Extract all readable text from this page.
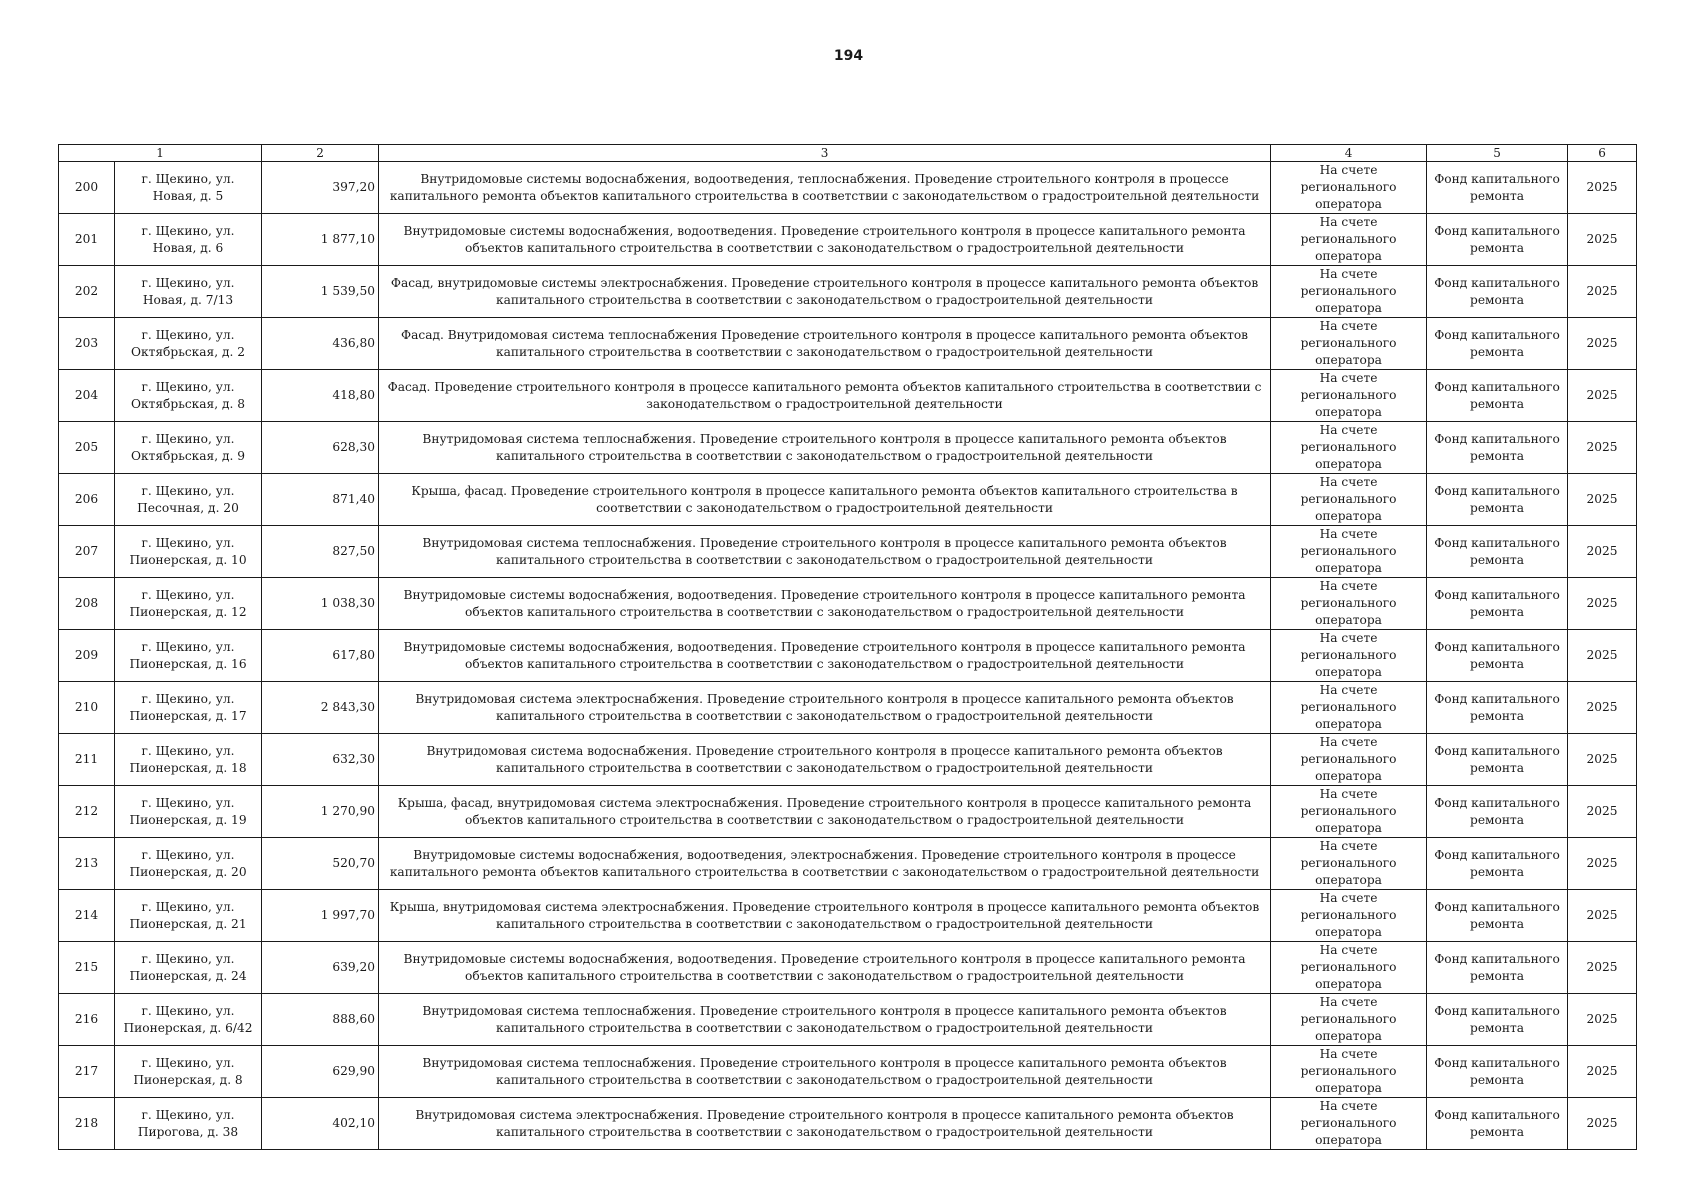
194
1		2	3	4	5	6
200	г. Щекино, ул. Новая, д. 5	397,20	Внутридомовые системы водоснабжения, водоотведения, теплоснабжения. Проведение строительного контроля в процессе капитального ремонта объектов капитального строительства в соответствии с законодательством о градостроительной деятельности	На счете регионального оператора	Фонд капитального ремонта	2025
201	г. Щекино, ул. Новая, д. 6	1 877,10	Внутридомовые системы водоснабжения, водоотведения. Проведение строительного контроля в процессе капитального ремонта объектов капитального строительства в соответствии с законодательством о градостроительной деятельности	На счете регионального оператора	Фонд капитального ремонта	2025
202	г. Щекино, ул. Новая, д. 7/13	1 539,50	Фасад, внутридомовые системы электроснабжения. Проведение строительного контроля в процессе капитального ремонта объектов капитального строительства в соответствии с законодательством о градостроительной деятельности	На счете регионального оператора	Фонд капитального ремонта	2025
203	г. Щекино, ул. Октябрьская, д. 2	436,80	Фасад. Внутридомовая система теплоснабжения Проведение строительного контроля в процессе капитального ремонта объектов капитального строительства в соответствии с законодательством о градостроительной деятельности	На счете регионального оператора	Фонд капитального ремонта	2025
204	г. Щекино, ул. Октябрьская, д. 8	418,80	Фасад. Проведение строительного контроля в процессе капитального ремонта объектов капитального строительства в соответствии с законодательством о градостроительной деятельности	На счете регионального оператора	Фонд капитального ремонта	2025
205	г. Щекино, ул. Октябрьская, д. 9	628,30	Внутридомовая система теплоснабжения. Проведение строительного контроля в процессе капитального ремонта объектов капитального строительства в соответствии с законодательством о градостроительной деятельности	На счете регионального оператора	Фонд капитального ремонта	2025
206	г. Щекино, ул. Песочная, д. 20	871,40	Крыша, фасад. Проведение строительного контроля в процессе капитального ремонта объектов капитального строительства в соответствии с законодательством о градостроительной деятельности	На счете регионального оператора	Фонд капитального ремонта	2025
207	г. Щекино, ул. Пионерская, д. 10	827,50	Внутридомовая система теплоснабжения. Проведение строительного контроля в процессе капитального ремонта объектов капитального строительства в соответствии с законодательством о градостроительной деятельности	На счете регионального оператора	Фонд капитального ремонта	2025
208	г. Щекино, ул. Пионерская, д. 12	1 038,30	Внутридомовые системы водоснабжения, водоотведения. Проведение строительного контроля в процессе капитального ремонта объектов капитального строительства в соответствии с законодательством о градостроительной деятельности	На счете регионального оператора	Фонд капитального ремонта	2025
209	г. Щекино, ул. Пионерская, д. 16	617,80	Внутридомовые системы водоснабжения, водоотведения. Проведение строительного контроля в процессе капитального ремонта объектов капитального строительства в соответствии с законодательством о градостроительной деятельности	На счете регионального оператора	Фонд капитального ремонта	2025
210	г. Щекино, ул. Пионерская, д. 17	2 843,30	Внутридомовая система электроснабжения. Проведение строительного контроля в процессе капитального ремонта объектов капитального строительства в соответствии с законодательством о градостроительной деятельности	На счете регионального оператора	Фонд капитального ремонта	2025
211	г. Щекино, ул. Пионерская, д. 18	632,30	Внутридомовая система водоснабжения. Проведение строительного контроля в процессе капитального ремонта объектов капитального строительства в соответствии с законодательством о градостроительной деятельности	На счете регионального оператора	Фонд капитального ремонта	2025
212	г. Щекино, ул. Пионерская, д. 19	1 270,90	Крыша, фасад, внутридомовая система электроснабжения. Проведение строительного контроля в процессе капитального ремонта объектов капитального строительства в соответствии с законодательством о градостроительной деятельности	На счете регионального оператора	Фонд капитального ремонта	2025
213	г. Щекино, ул. Пионерская, д. 20	520,70	Внутридомовые системы водоснабжения, водоотведения, электроснабжения. Проведение строительного контроля в процессе капитального ремонта объектов капитального строительства в соответствии с законодательством о градостроительной деятельности	На счете регионального оператора	Фонд капитального ремонта	2025
214	г. Щекино, ул. Пионерская, д. 21	1 997,70	Крыша, внутридомовая система электроснабжения. Проведение строительного контроля в процессе капитального ремонта объектов капитального строительства в соответствии с законодательством о градостроительной деятельности	На счете регионального оператора	Фонд капитального ремонта	2025
215	г. Щекино, ул. Пионерская, д. 24	639,20	Внутридомовые системы водоснабжения, водоотведения. Проведение строительного контроля в процессе капитального ремонта объектов капитального строительства в соответствии с законодательством о градостроительной деятельности	На счете регионального оператора	Фонд капитального ремонта	2025
216	г. Щекино, ул. Пионерская, д. 6/42	888,60	Внутридомовая система теплоснабжения. Проведение строительного контроля в процессе капитального ремонта объектов капитального строительства в соответствии с законодательством о градостроительной деятельности	На счете регионального оператора	Фонд капитального ремонта	2025
217	г. Щекино, ул. Пионерская, д. 8	629,90	Внутридомовая система теплоснабжения. Проведение строительного контроля в процессе капитального ремонта объектов капитального строительства в соответствии с законодательством о градостроительной деятельности	На счете регионального оператора	Фонд капитального ремонта	2025
218	г. Щекино, ул. Пирогова, д. 38	402,10	Внутридомовая система электроснабжения. Проведение строительного контроля в процессе капитального ремонта объектов капитального строительства в соответствии с законодательством о градостроительной деятельности	На счете регионального оператора	Фонд капитального ремонта	2025
